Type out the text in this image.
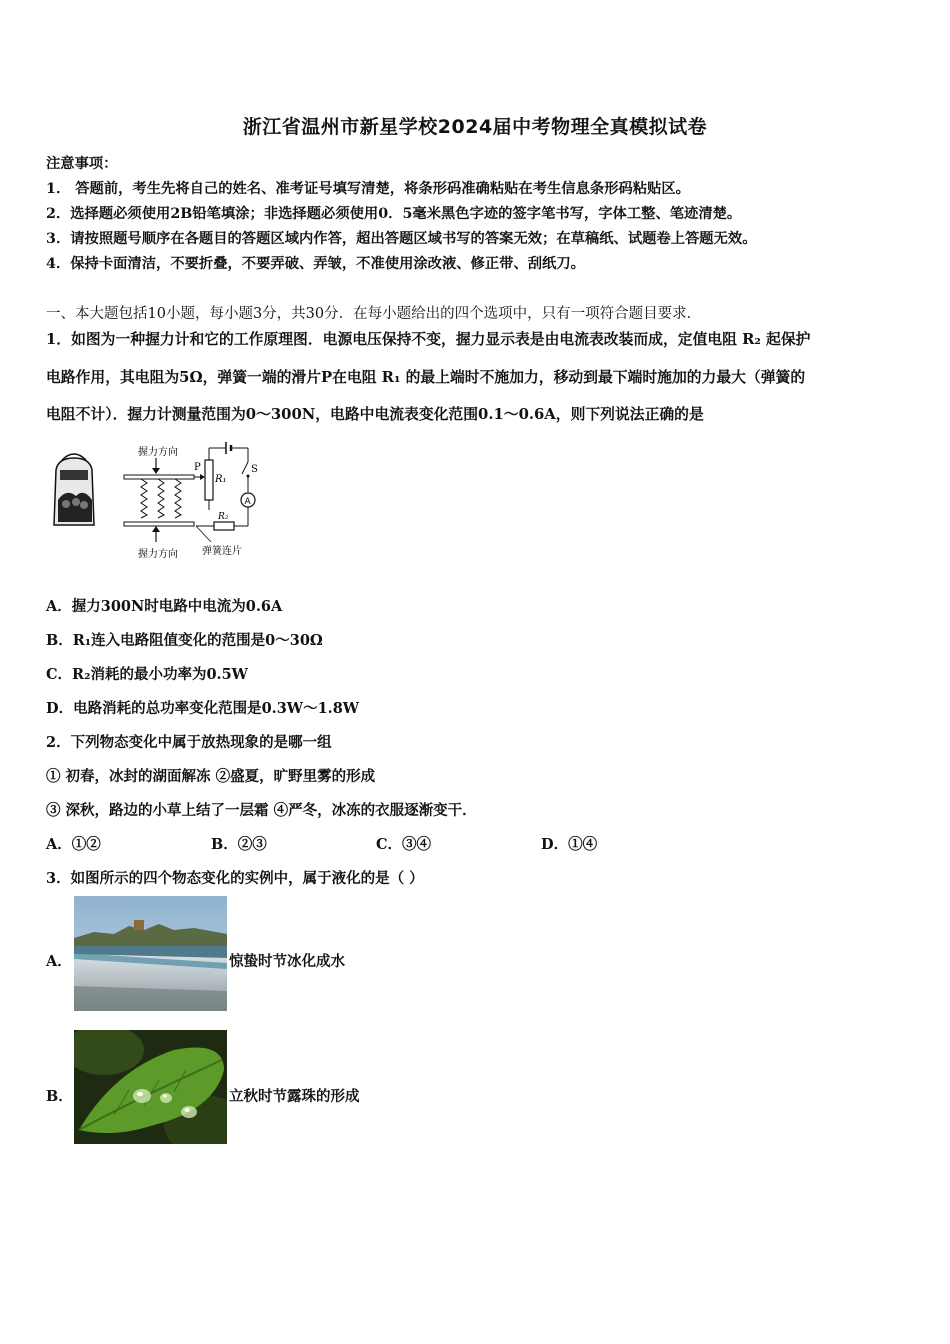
浙江省温州市新星学校2024届中考物理全真模拟试卷
注意事项：
1． 答题前，考生先将自己的姓名、准考证号填写清楚，将条形码准确粘贴在考生信息条形码粘贴区。
2．选择题必须使用2B铅笔填涂；非选择题必须使用0．5毫米黑色字迹的签字笔书写，字体工整、笔迹清楚。
3．请按照题号顺序在各题目的答题区域内作答，超出答题区域书写的答案无效；在草稿纸、试题卷上答题无效。
4．保持卡面清洁，不要折叠，不要弄破、弄皱，不准使用涂改液、修正带、刮纸刀。
一、本大题包括10小题，每小题3分，共30分．在每小题给出的四个选项中，只有一项符合题目要求．
1．如图为一种握力计和它的工作原理图．电源电压保持不变，握力显示表是由电流表改装而成，定值电阻 R₂ 起保护
电路作用，其电阻为5Ω，弹簧一端的滑片P在电阻 R₁ 的最上端时不施加力，移动到最下端时施加的力最大（弹簧的
电阻不计）．握力计测量范围为0～300N，电路中电流表变化范围0.1～0.6A，则下列说法正确的是
握力方向
握力方向 弹簧连片
P
R₁
S
A
R₂
A．握力300N时电路中电流为0.6A
B．R₁连入电路阻值变化的范围是0～30Ω
C．R₂消耗的最小功率为0.5W
D．电路消耗的总功率变化范围是0.3W～1.8W
2．下列物态变化中属于放热现象的是哪一组
① 初春，冰封的湖面解冻 ②盛夏，旷野里雾的形成
③ 深秋，路边的小草上结了一层霜 ④严冬，冰冻的衣服逐渐变干．
A．①②	B．②③	C．③④	D．①④
3．如图所示的四个物态变化的实例中，属于液化的是（ ）
A．	惊蛰时节冰化成水
B．	立秋时节露珠的形成
